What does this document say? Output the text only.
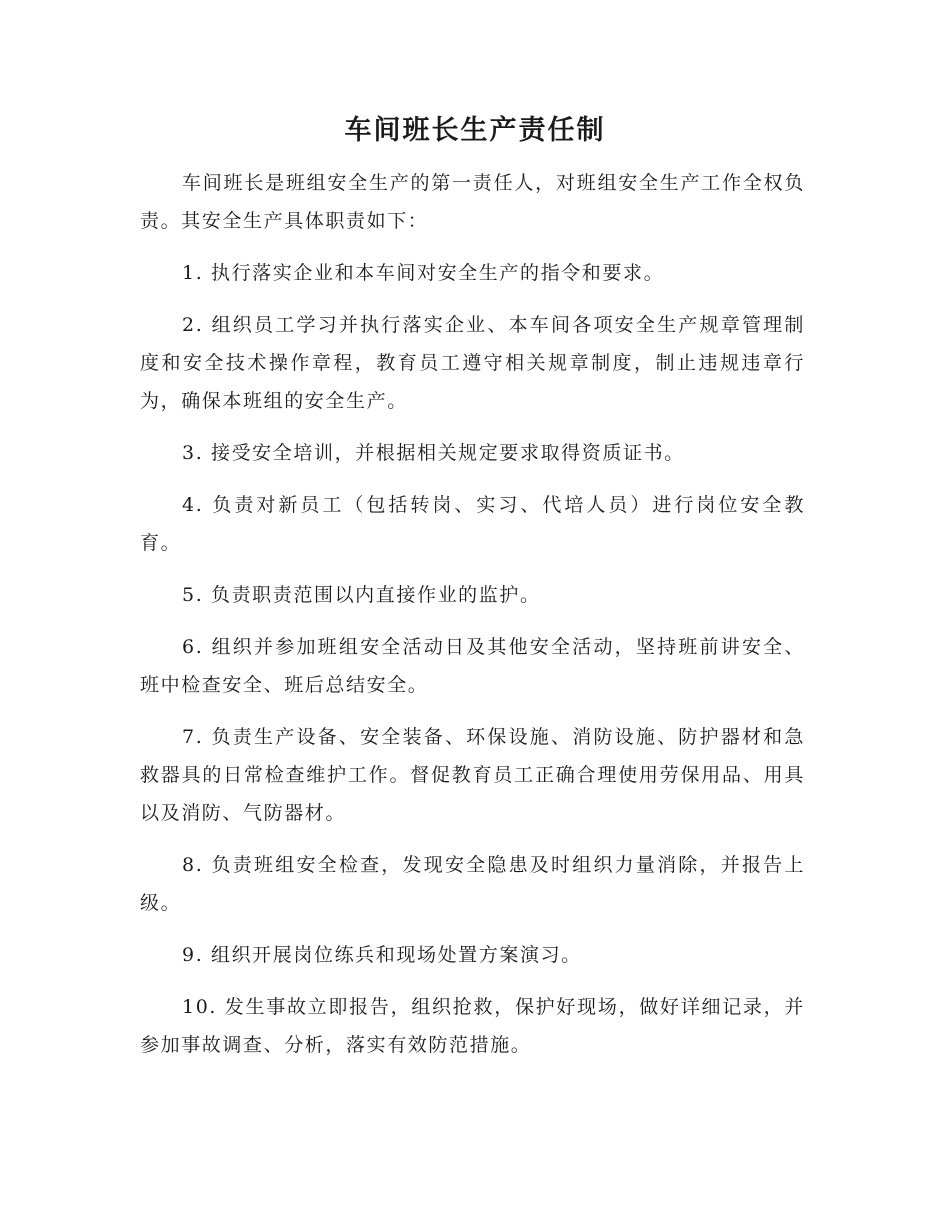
车间班长生产责任制

车间班长是班组安全生产的第一责任人，对班组安全生产工作全权负责。其安全生产具体职责如下：

1. 执行落实企业和本车间对安全生产的指令和要求。

2. 组织员工学习并执行落实企业、本车间各项安全生产规章管理制度和安全技术操作章程，教育员工遵守相关规章制度，制止违规违章行为，确保本班组的安全生产。

3. 接受安全培训，并根据相关规定要求取得资质证书。

4. 负责对新员工（包括转岗、实习、代培人员）进行岗位安全教育。

5. 负责职责范围以内直接作业的监护。

6. 组织并参加班组安全活动日及其他安全活动，坚持班前讲安全、班中检查安全、班后总结安全。

7. 负责生产设备、安全装备、环保设施、消防设施、防护器材和急救器具的日常检查维护工作。督促教育员工正确合理使用劳保用品、用具以及消防、气防器材。

8. 负责班组安全检查，发现安全隐患及时组织力量消除，并报告上级。

9. 组织开展岗位练兵和现场处置方案演习。

10. 发生事故立即报告，组织抢救，保护好现场，做好详细记录，并参加事故调查、分析，落实有效防范措施。
